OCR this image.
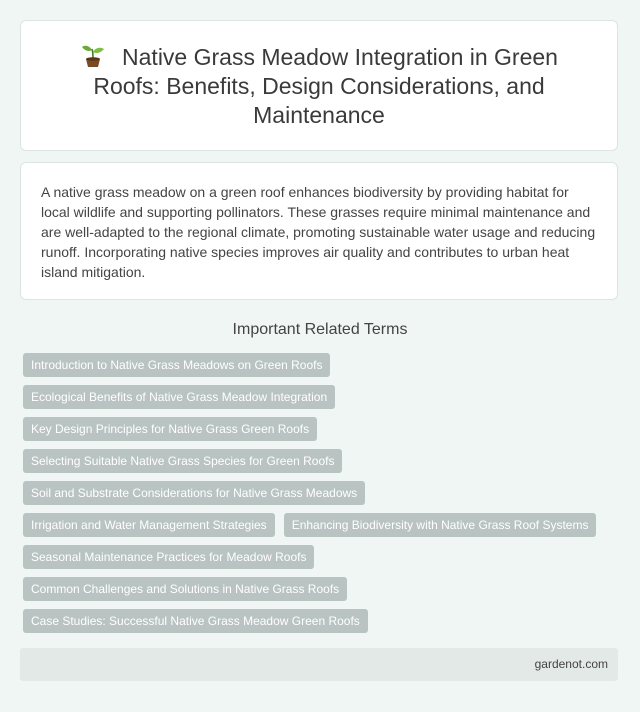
Native Grass Meadow Integration in Green Roofs: Benefits, Design Considerations, and Maintenance

A native grass meadow on a green roof enhances biodiversity by providing habitat for local wildlife and supporting pollinators. These grasses require minimal maintenance and are well-adapted to the regional climate, promoting sustainable water usage and reducing runoff. Incorporating native species improves air quality and contributes to urban heat island mitigation.

Important Related Terms
Introduction to Native Grass Meadows on Green Roofs
Ecological Benefits of Native Grass Meadow Integration
Key Design Principles for Native Grass Green Roofs
Selecting Suitable Native Grass Species for Green Roofs
Soil and Substrate Considerations for Native Grass Meadows
Irrigation and Water Management Strategies	Enhancing Biodiversity with Native Grass Roof Systems
Seasonal Maintenance Practices for Meadow Roofs
Common Challenges and Solutions in Native Grass Roofs
Case Studies: Successful Native Grass Meadow Green Roofs
gardenot.com
